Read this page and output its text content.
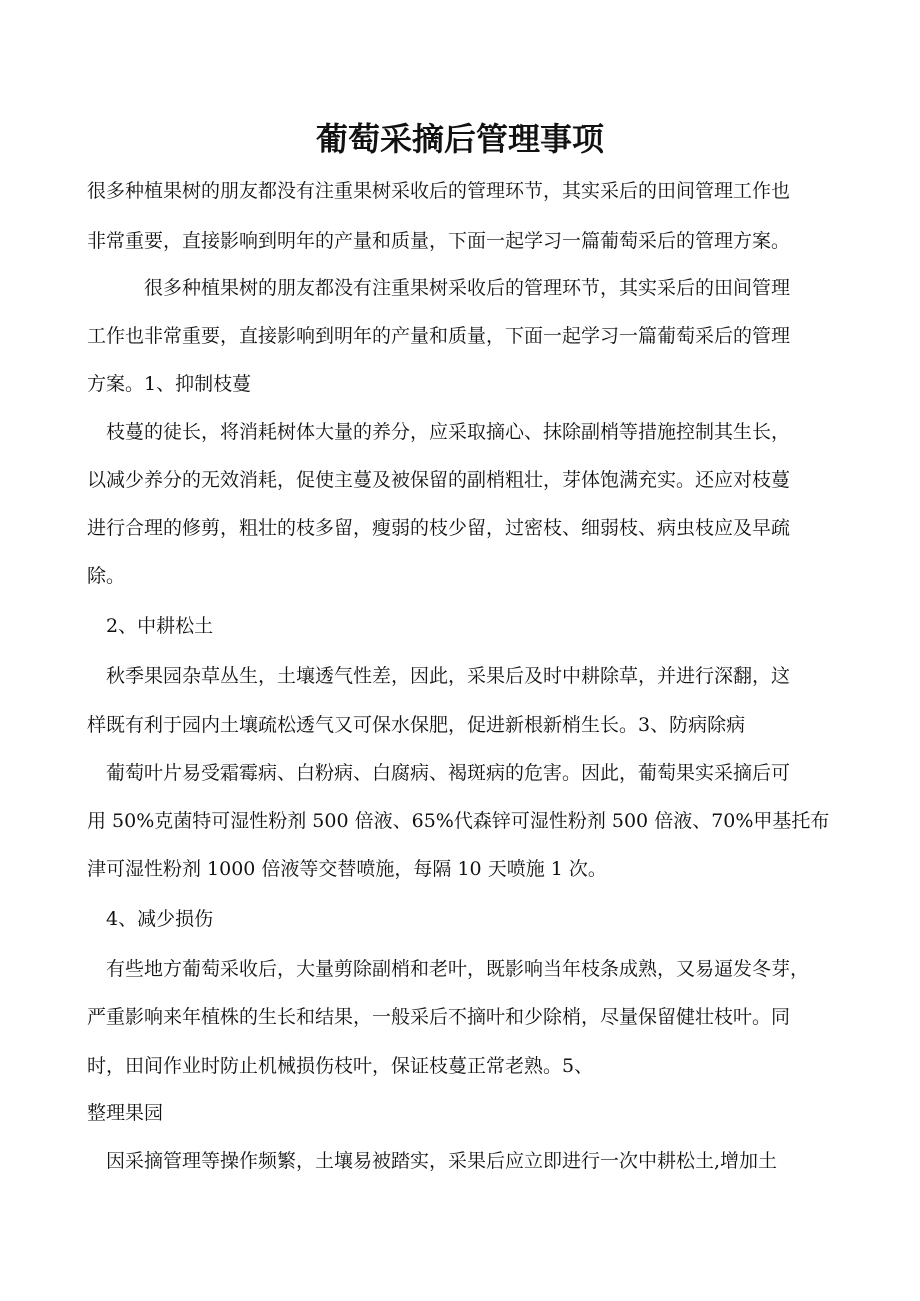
葡萄采摘后管理事项

很多种植果树的朋友都没有注重果树采收后的管理环节，其实采后的田间管理工作也

非常重要，直接影响到明年的产量和质量，下面一起学习一篇葡萄采后的管理方案。

　　　很多种植果树的朋友都没有注重果树采收后的管理环节，其实采后的田间管理

工作也非常重要，直接影响到明年的产量和质量，下面一起学习一篇葡萄采后的管理

方案。1、抑制枝蔓

　枝蔓的徒长，将消耗树体大量的养分，应采取摘心、抹除副梢等措施控制其生长，

以减少养分的无效消耗，促使主蔓及被保留的副梢粗壮，芽体饱满充实。还应对枝蔓

进行合理的修剪，粗壮的枝多留，瘦弱的枝少留，过密枝、细弱枝、病虫枝应及早疏

除。

　2、中耕松土

　秋季果园杂草丛生，土壤透气性差，因此，采果后及时中耕除草，并进行深翻，这

样既有利于园内土壤疏松透气又可保水保肥，促进新根新梢生长。3、防病除病

　葡萄叶片易受霜霉病、白粉病、白腐病、褐斑病的危害。因此，葡萄果实采摘后可

用 50%克菌特可湿性粉剂 500 倍液、65%代森锌可湿性粉剂 500 倍液、70%甲基托布

津可湿性粉剂 1000 倍液等交替喷施，每隔 10 天喷施 1 次。

　4、减少损伤

　有些地方葡萄采收后，大量剪除副梢和老叶，既影响当年枝条成熟，又易逼发冬芽，

严重影响来年植株的生长和结果，一般采后不摘叶和少除梢，尽量保留健壮枝叶。同

时，田间作业时防止机械损伤枝叶，保证枝蔓正常老熟。5、

整理果园

　因采摘管理等操作频繁，土壤易被踏实，采果后应立即进行一次中耕松土,增加土
